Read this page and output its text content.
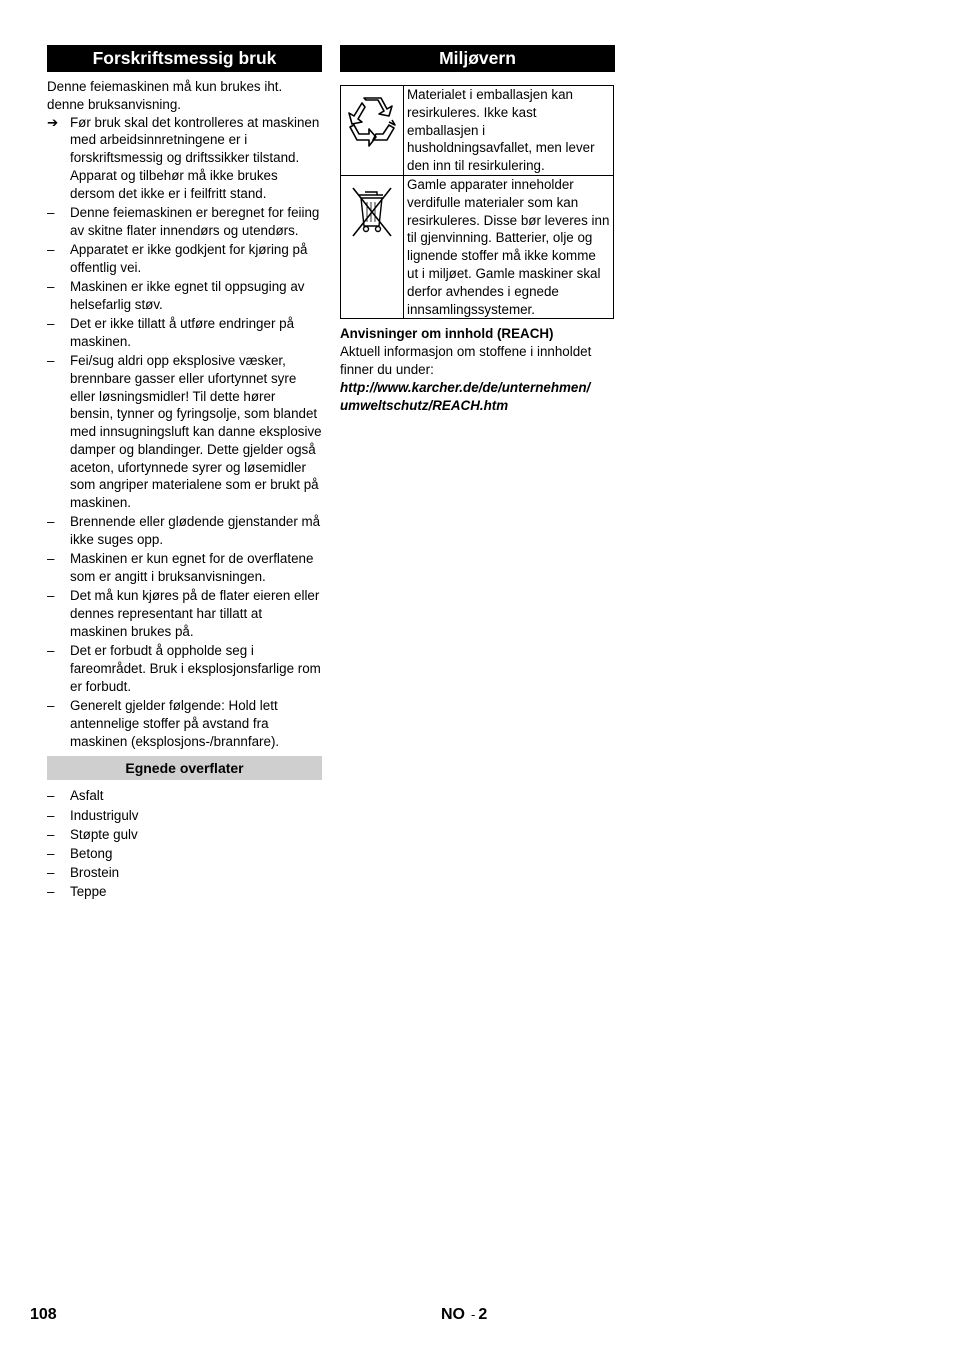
Forskriftsmessig bruk

Denne feiemaskinen må kun brukes iht. denne bruksanvisning.

➔ Før bruk skal det kontrolleres at maskinen med arbeidsinnretningene er i forskriftsmessig og driftssikker tilstand. Apparat og tilbehør må ikke brukes dersom det ikke er i feilfritt stand.
–	Denne feiemaskinen er beregnet for feiing av skitne flater innendørs og utendørs.
–	Apparatet er ikke godkjent for kjøring på offentlig vei.
–	Maskinen er ikke egnet til oppsuging av helsefarlig støv.
–	Det er ikke tillatt å utføre endringer på maskinen.
–	Fei/sug aldri opp eksplosive væsker, brennbare gasser eller ufortynnet syre eller løsningsmidler! Til dette hører bensin, tynner og fyringsolje, som blandet med innsugningsluft kan danne eksplosive damper og blandinger. Dette gjelder også aceton, ufortynnede syrer og løsemidler som angriper materialene som er brukt på maskinen.
–	Brennende eller glødende gjenstander må ikke suges opp.
–	Maskinen er kun egnet for de overflatene som er angitt i bruksanvisningen.
–	Det må kun kjøres på de flater eieren eller dennes representant har tillatt at maskinen brukes på.
–	Det er forbudt å oppholde seg i fareområdet. Bruk i eksplosjonsfarlige rom er forbudt.
–	Generelt gjelder følgende: Hold lett antennelige stoffer på avstand fra maskinen (eksplosjons-/brannfare).
Egnede overflater
–	Asfalt
–	Industrigulv
–	Støpte gulv
–	Betong
–	Brostein
–	Teppe
Miljøvern
	Materialet i emballasjen kan resirkuleres. Ikke kast emballasjen i husholdningsavfallet, men lever den inn til resirkulering.
	Gamle apparater inneholder verdifulle materialer som kan resirkuleres. Disse bør leveres inn til gjenvinning. Batterier, olje og lignende stoffer må ikke komme ut i miljøet. Gamle maskiner skal derfor avhendes i egnede innsamlingssystemer.

Anvisninger om innhold (REACH)

Aktuell informasjon om stoffene i innholdet finner du under:

http://www.karcher.de/de/unternehmen/

umweltschutz/REACH.htm

108	NO - 2
